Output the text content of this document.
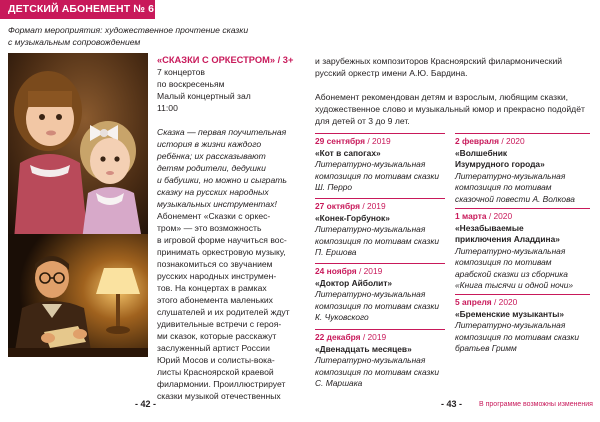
ДЕТСКИЙ АБОНЕМЕНТ № 6
Формат мероприятия: художественное прочтение сказки
с музыкальным сопровождением
«СКАЗКИ С ОРКЕСТРОМ» / 3+
7 концертов
по воскресеньям
Малый концертный зал
11:00
Сказка — первая поучительная
история в жизни каждого
ребёнка; их рассказывают
детям родители, дедушки
и бабушки, но можно и сыграть
сказку на русских народных
музыкальных инструментах!
Абонемент «Сказки с оркес-
тром» — это возможность
в игровой форме научиться вос-
принимать оркестровую музыку,
познакомиться со звучанием
русских народных инструмен-
тов. На концертах в рамках
этого абонемента маленьких
слушателей и их родителей ждут
удивительные встречи с героя-
ми сказок, которые расскажут
заслуженный артист России
Юрий Мосов и солисты-вока-
листы Красноярской краевой
филармонии. Проиллюстрирует
сказки музыкой отечественных
и зарубежных композиторов Красноярский филармонический
русский оркестр имени А.Ю. Бардина.
Абонемент рекомендован детям и взрослым, любящим сказки,
художественное слово и музыкальный юмор и прекрасно подойдёт
для детей от 3 до 9 лет.
29 сентября / 2019
«Кот в сапогах»
Литературно-музыкальная
композиция по мотивам сказки
Ш. Перро
27 октября / 2019
«Конек-Горбунок»
Литературно-музыкальная
композиция по мотивам сказки
П. Ершова
24 ноября / 2019
«Доктор Айболит»
Литературно-музыкальная
композиция по мотивам сказки
К. Чуковского
22 декабря / 2019
«Двенадцать месяцев»
Литературно-музыкальная
композиция по мотивам сказки
С. Маршака
2 февраля / 2020
«Волшебник
Изумрудного города»
Литературно-музыкальная
композиция по мотивам
сказочной повести А. Волкова
1 марта / 2020
«Незабываемые
приключения Аладдина»
Литературно-музыкальная
композиция по мотивам
арабской сказки из сборника
«Книга тысячи и одной ночи»
5 апреля / 2020
«Бременские музыканты»
Литературно-музыкальная
композиция по мотивам сказки
братьев Гримм
- 42 -	- 43 - В программе возможны изменения
